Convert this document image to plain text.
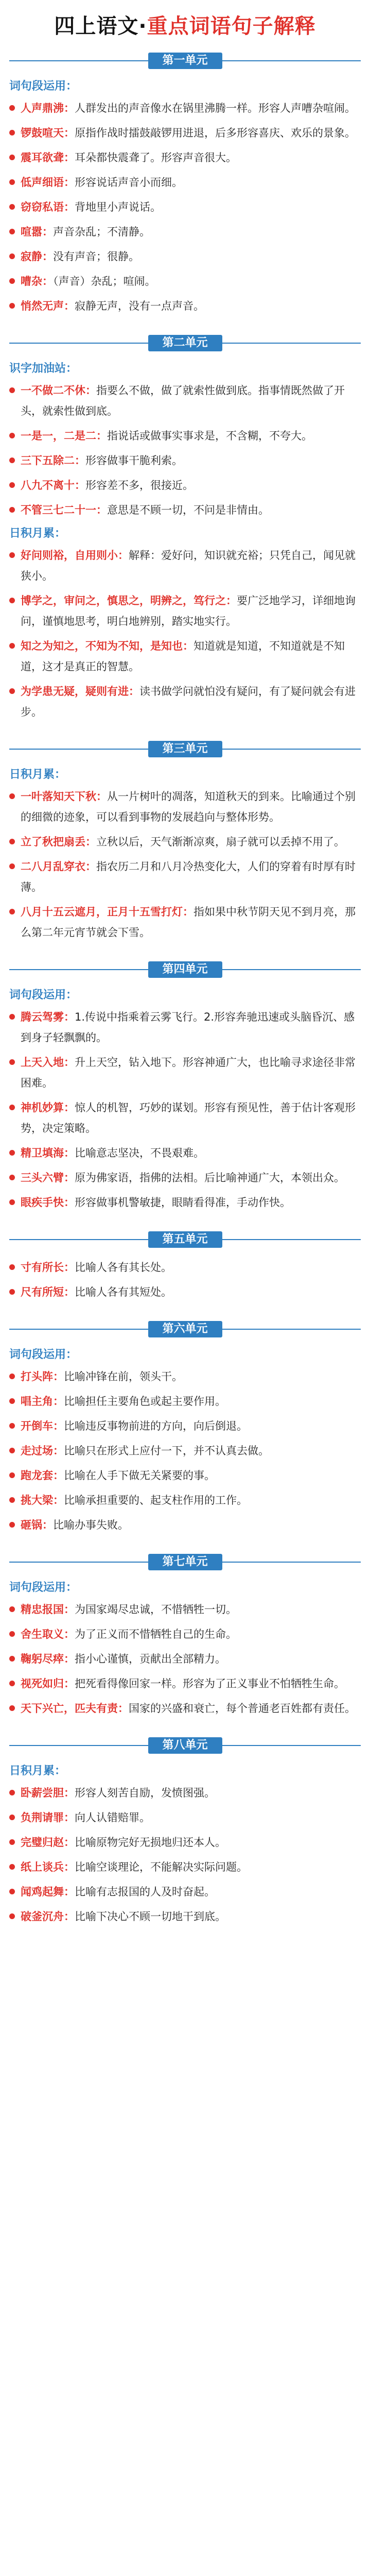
四上语文·重点词语句子解释
第一单元
词句段运用：
人声鼎沸：人群发出的声音像水在锅里沸腾一样。形容人声嘈杂喧闹。
锣鼓喧天：原指作战时擂鼓敲锣用进退，后多形容喜庆、欢乐的景象。
震耳欲聋：耳朵都快震聋了。形容声音很大。
低声细语：形容说话声音小而细。
窃窃私语：背地里小声说话。
喧嚣：声音杂乱；不清静。
寂静：没有声音；很静。
嘈杂：（声音）杂乱；喧闹。
悄然无声：寂静无声，没有一点声音。
第二单元
识字加油站：
一不做二不休：指要么不做，做了就索性做到底。指事情既然做了开头，就索性做到底。
一是一，二是二：指说话或做事实事求是，不含糊，不夸大。
三下五除二：形容做事干脆利索。
八九不离十：形容差不多，很接近。
不管三七二十一：意思是不顾一切，不问是非情由。
日积月累：
好问则裕，自用则小：解释：爱好问，知识就充裕；只凭自己，闻见就狭小。
博学之，审问之，慎思之，明辨之，笃行之：要广泛地学习，详细地询问，谨慎地思考，明白地辨别，踏实地实行。
知之为知之，不知为不知，是知也：知道就是知道，不知道就是不知道，这才是真正的智慧。
为学患无疑，疑则有进：读书做学问就怕没有疑问，有了疑问就会有进步。
第三单元
日积月累：
一叶落知天下秋：从一片树叶的凋落，知道秋天的到来。比喻通过个别的细微的迹象，可以看到事物的发展趋向与整体形势。
立了秋把扇丢：立秋以后，天气渐渐凉爽，扇子就可以丢掉不用了。
二八月乱穿衣：指农历二月和八月冷热变化大，人们的穿着有时厚有时薄。
八月十五云遮月，正月十五雪打灯：指如果中秋节阴天见不到月亮，那么第二年元宵节就会下雪。
第四单元
词句段运用：
腾云驾雾：1.传说中指乘着云雾飞行。2.形容奔驰迅速或头脑昏沉、感到身子轻飘飘的。
上天入地：升上天空，钻入地下。形容神通广大，也比喻寻求途径非常困难。
神机妙算：惊人的机智，巧妙的谋划。形容有预见性，善于估计客观形势，决定策略。
精卫填海：比喻意志坚决，不畏艰难。
三头六臂：原为佛家语，指佛的法相。后比喻神通广大，本领出众。
眼疾手快：形容做事机警敏捷，眼睛看得准，手动作快。
第五单元
寸有所长：比喻人各有其长处。
尺有所短：比喻人各有其短处。
第六单元
词句段运用：
打头阵：比喻冲锋在前，领头干。
唱主角：比喻担任主要角色或起主要作用。
开倒车：比喻违反事物前进的方向，向后倒退。
走过场：比喻只在形式上应付一下，并不认真去做。
跑龙套：比喻在人手下做无关紧要的事。
挑大梁：比喻承担重要的、起支柱作用的工作。
砸锅：比喻办事失败。
第七单元
词句段运用：
精忠报国：为国家竭尽忠诚，不惜牺牲一切。
舍生取义：为了正义而不惜牺牲自己的生命。
鞠躬尽瘁：指小心谨慎，贡献出全部精力。
视死如归：把死看得像回家一样。形容为了正义事业不怕牺牲生命。
天下兴亡，匹夫有责：国家的兴盛和衰亡，每个普通老百姓都有责任。
第八单元
日积月累：
卧薪尝胆：形容人刻苦自励，发愤图强。
负荆请罪：向人认错赔罪。
完璧归赵：比喻原物完好无损地归还本人。
纸上谈兵：比喻空谈理论，不能解决实际问题。
闻鸡起舞：比喻有志报国的人及时奋起。
破釜沉舟：比喻下决心不顾一切地干到底。
